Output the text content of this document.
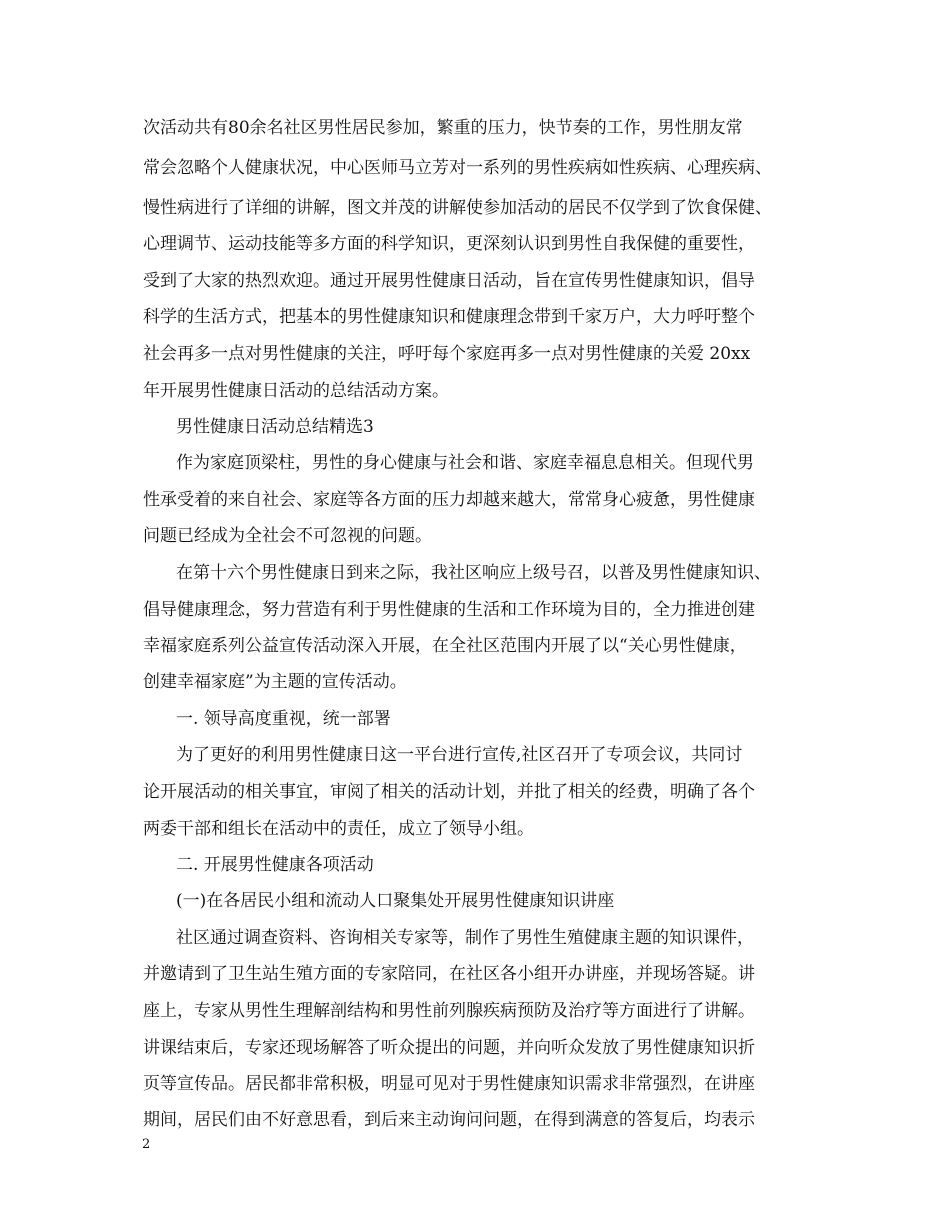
次活动共有80余名社区男性居民参加，繁重的压力，快节奏的工作，男性朋友常

常会忽略个人健康状况，中心医师马立芳对一系列的男性疾病如性疾病、心理疾病、

慢性病进行了详细的讲解，图文并茂的讲解使参加活动的居民不仅学到了饮食保健、

心理调节、运动技能等多方面的科学知识，更深刻认识到男性自我保健的重要性，

受到了大家的热烈欢迎。通过开展男性健康日活动，旨在宣传男性健康知识，倡导

科学的生活方式，把基本的男性健康知识和健康理念带到千家万户，大力呼吁整个

社会再多一点对男性健康的关注，呼吁每个家庭再多一点对男性健康的关爱 20xx

年开展男性健康日活动的总结活动方案。

男性健康日活动总结精选3

作为家庭顶梁柱，男性的身心健康与社会和谐、家庭幸福息息相关。但现代男

性承受着的来自社会、家庭等各方面的压力却越来越大，常常身心疲惫，男性健康

问题已经成为全社会不可忽视的问题。

在第十六个男性健康日到来之际，我社区响应上级号召，以普及男性健康知识、

倡导健康理念，努力营造有利于男性健康的生活和工作环境为目的，全力推进创建

幸福家庭系列公益宣传活动深入开展，在全社区范围内开展了以“关心男性健康，

创建幸福家庭”为主题的宣传活动。

一. 领导高度重视，统一部署

为了更好的利用男性健康日这一平台进行宣传,社区召开了专项会议，共同讨

论开展活动的相关事宜，审阅了相关的活动计划，并批了相关的经费，明确了各个

两委干部和组长在活动中的责任，成立了领导小组。

二. 开展男性健康各项活动

(一)在各居民小组和流动人口聚集处开展男性健康知识讲座

社区通过调查资料、咨询相关专家等，制作了男性生殖健康主题的知识课件，

并邀请到了卫生站生殖方面的专家陪同，在社区各小组开办讲座，并现场答疑。讲

座上，专家从男性生理解剖结构和男性前列腺疾病预防及治疗等方面进行了讲解。

讲课结束后，专家还现场解答了听众提出的问题，并向听众发放了男性健康知识折

页等宣传品。居民都非常积极，明显可见对于男性健康知识需求非常强烈，在讲座

期间，居民们由不好意思看，到后来主动询问问题，在得到满意的答复后，均表示

2
